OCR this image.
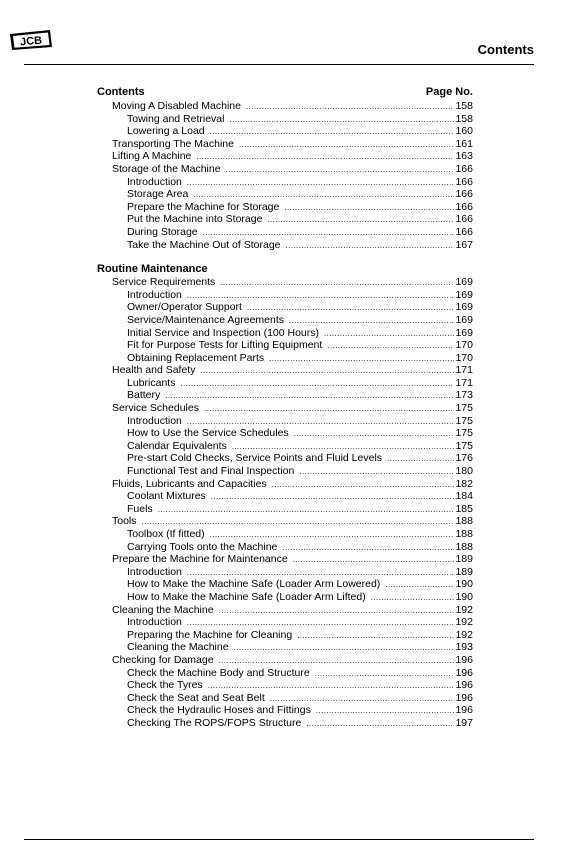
JCB
Contents
Contents	Page No.
Moving A Disabled Machine .....	158
Towing and Retrieval .....	158
Lowering a Load .....	160
Transporting The Machine .....	161
Lifting A Machine .....	163
Storage of the Machine .....	166
Introduction .....	166
Storage Area .....	166
Prepare the Machine for Storage .....	166
Put the Machine into Storage .....	166
During Storage .....	166
Take the Machine Out of Storage .....	167
Routine Maintenance
Service Requirements .....	169
Introduction .....	169
Owner/Operator Support .....	169
Service/Maintenance Agreements .....	169
Initial Service and Inspection (100 Hours) .....	169
Fit for Purpose Tests for Lifting Equipment .....	170
Obtaining Replacement Parts .....	170
Health and Safety .....	171
Lubricants .....	171
Battery .....	173
Service Schedules .....	175
Introduction .....	175
How to Use the Service Schedules .....	175
Calendar Equivalents .....	175
Pre-start Cold Checks, Service Points and Fluid Levels .....	176
Functional Test and Final Inspection .....	180
Fluids, Lubricants and Capacities .....	182
Coolant Mixtures .....	184
Fuels .....	185
Tools .....	188
Toolbox (If fitted) .....	188
Carrying Tools onto the Machine .....	188
Prepare the Machine for Maintenance .....	189
Introduction .....	189
How to Make the Machine Safe (Loader Arm Lowered) .....	190
How to Make the Machine Safe (Loader Arm Lifted) .....	190
Cleaning the Machine .....	192
Introduction .....	192
Preparing the Machine for Cleaning .....	192
Cleaning the Machine .....	193
Checking for Damage .....	196
Check the Machine Body and Structure .....	196
Check the Tyres .....	196
Check the Seat and Seat Belt .....	196
Check the Hydraulic Hoses and Fittings .....	196
Checking The ROPS/FOPS Structure .....	197
